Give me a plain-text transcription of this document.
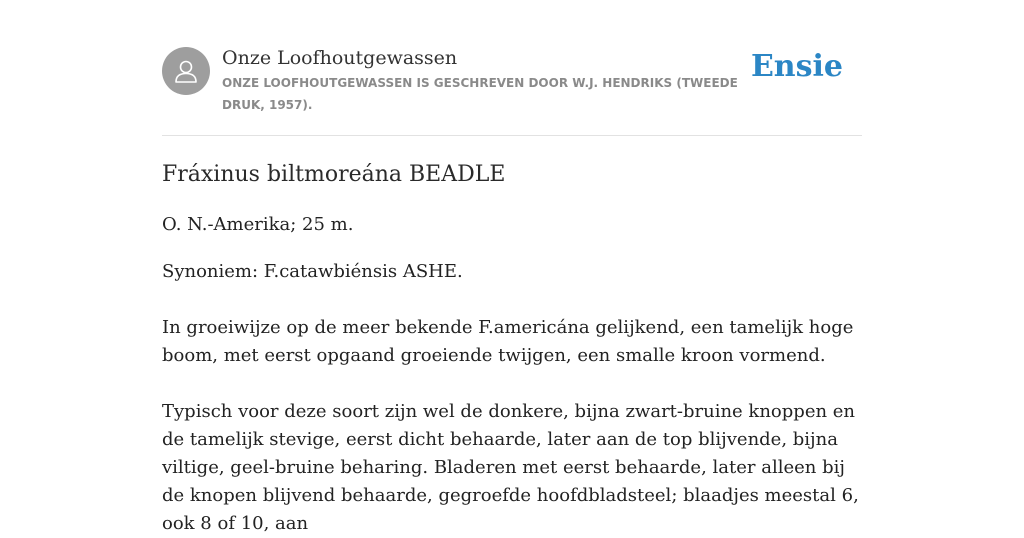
Onze Loofhoutgewassen
ONZE LOOFHOUTGEWASSEN IS GESCHREVEN DOOR W.J. HENDRIKS (TWEEDE DRUK, 1957).
Ensie
Fráxinus biltmoreána BEADLE

O. N.-Amerika; 25 m.

Synoniem: F.catawbiénsis ASHE.

In groeiwijze op de meer bekende F.americána gelijkend, een tamelijk hoge boom, met eerst opgaand groeiende twijgen, een smalle kroon vormend.

Typisch voor deze soort zijn wel de donkere, bijna zwart-bruine knoppen en de tamelijk stevige, eerst dicht behaarde, later aan de top blijvende, bijna viltige, geel-bruine beharing. Bladeren met eerst behaarde, later alleen bij de knopen blijvend behaarde, gegroefde hoofdbladsteel; blaadjes meestal 6, ook 8 of 10, aan
